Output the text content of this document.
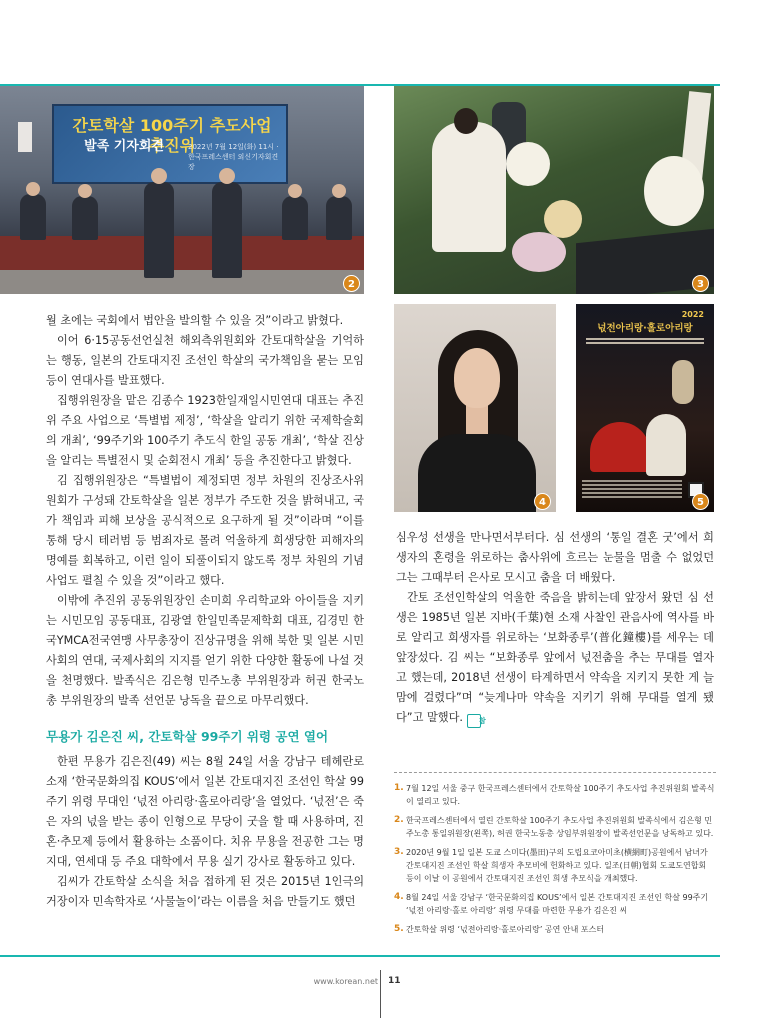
간토학살 100주기 추도사업 추진위
발족 기자회견	2022년 7월 12일(화) 11시 · 한국프레스센터 외신기자회견장
2	3
4
2022
넋전아리랑·홀로아리랑
5

월 초에는 국회에서 법안을 발의할 수 있을 것”이라고 밝혔다.

이어 6·15공동선언실천 해외측위원회와 간토대학살을 기억하는 행동, 일본의 간토대지진 조선인 학살의 국가책임을 묻는 모임 등이 연대사를 발표했다.

집행위원장을 맡은 김종수 1923한일재일시민연대 대표는 추진위 주요 사업으로 ‘특별법 제정’, ‘학살을 알리기 위한 국제학술회의 개최’, ‘99주기와 100주기 추도식 한일 공동 개최’, ‘학살 진상을 알리는 특별전시 및 순회전시 개최’ 등을 추진한다고 밝혔다.

김 집행위원장은 “특별법이 제정되면 정부 차원의 진상조사위원회가 구성돼 간토학살을 일본 정부가 주도한 것을 밝혀내고, 국가 책임과 피해 보상을 공식적으로 요구하게 될 것”이라며 “이를 통해 당시 테러범 등 범죄자로 몰려 억울하게 희생당한 피해자의 명예를 회복하고, 이런 일이 되풀이되지 않도록 정부 차원의 기념사업도 펼칠 수 있을 것”이라고 했다.

이밖에 추진위 공동위원장인 손미희 우리학교와 아이들을 지키는 시민모임 공동대표, 김광열 한일민족문제학회 대표, 김경민 한국YMCA전국연맹 사무총장이 진상규명을 위해 북한 및 일본 시민사회의 연대, 국제사회의 지지를 얻기 위한 다양한 활동에 나설 것을 천명했다. 발족식은 김은형 민주노총 부위원장과 허권 한국노총 부위원장의 발족 선언문 낭독을 끝으로 마무리했다.

무용가 김은진 씨, 간토학살 99주기 위령 공연 열어

한편 무용가 김은진(49) 씨는 8월 24일 서울 강남구 테헤란로 소재 ‘한국문화의집 KOUS’에서 일본 간토대지진 조선인 학살 99주기 위령 무대인 ‘넋전 아리랑·홀로아리랑’을 열었다. ‘넋전’은 죽은 자의 넋을 받는 종이 인형으로 무당이 굿을 할 때 사용하며, 진혼·추모제 등에서 활용하는 소품이다. 치유 무용을 전공한 그는 명지대, 연세대 등 주요 대학에서 무용 실기 강사로 활동하고 있다.

김씨가 간토학살 소식을 처음 접하게 된 것은 2015년 1인극의 거장이자 민속학자로 ‘사물놀이’라는 이름을 처음 만들기도 했던

심우성 선생을 만나면서부터다. 심 선생의 ‘통일 결혼 굿’에서 희생자의 혼령을 위로하는 춤사위에 흐르는 눈물을 멈출 수 없었던 그는 그때부터 은사로 모시고 춤을 더 배웠다.

간토 조선인학살의 억울한 죽음을 밝히는데 앞장서 왔던 심 선생은 1985년 일본 지바(千葉)현 소재 사찰인 관음사에 역사를 바로 알리고 희생자를 위로하는 ‘보화종루’(普化鐘樓)를 세우는 데 앞장섰다. 김 씨는 “보화종루 앞에서 넋전춤을 추는 무대를 열자고 했는데, 2018년 선생이 타계하면서 약속을 지키지 못한 게 늘 맘에 걸렸다”며 “늦게나마 약속을 지키기 위해 무대를 열게 됐다”고 말했다. 참

1. 7월 12일 서울 중구 한국프레스센터에서 간토학살 100주기 추도사업 추진위원회 발족식이 열리고 있다.
2. 한국프레스센터에서 열린 간토학살 100주기 추도사업 추진위원회 발족식에서 김은형 민주노총 통일위원장(왼쪽), 허권 한국노동총 상임부위원장이 발족선언문을 낭독하고 있다.
3. 2020년 9월 1일 일본 도쿄 스미다(墨田)구의 도립요코아미초(横網町)공원에서 남녀가 간토대지진 조선인 학살 희생자 추모비에 헌화하고 있다. 일조(日朝)협회 도쿄도연합회 등이 이날 이 공원에서 간토대지진 조선인 희생 추모식을 개최했다.
4. 8월 24일 서울 강남구 ‘한국문화의집 KOUS’에서 일본 간토대지진 조선인 학살 99주기 ‘넋전 아리랑·홀로 아리랑’ 위령 무대를 마련한 무용가 김은진 씨
5. 간토학살 위령 ‘넋전아리랑·홀로아리랑’ 공연 안내 포스터
www.korean.net 11
